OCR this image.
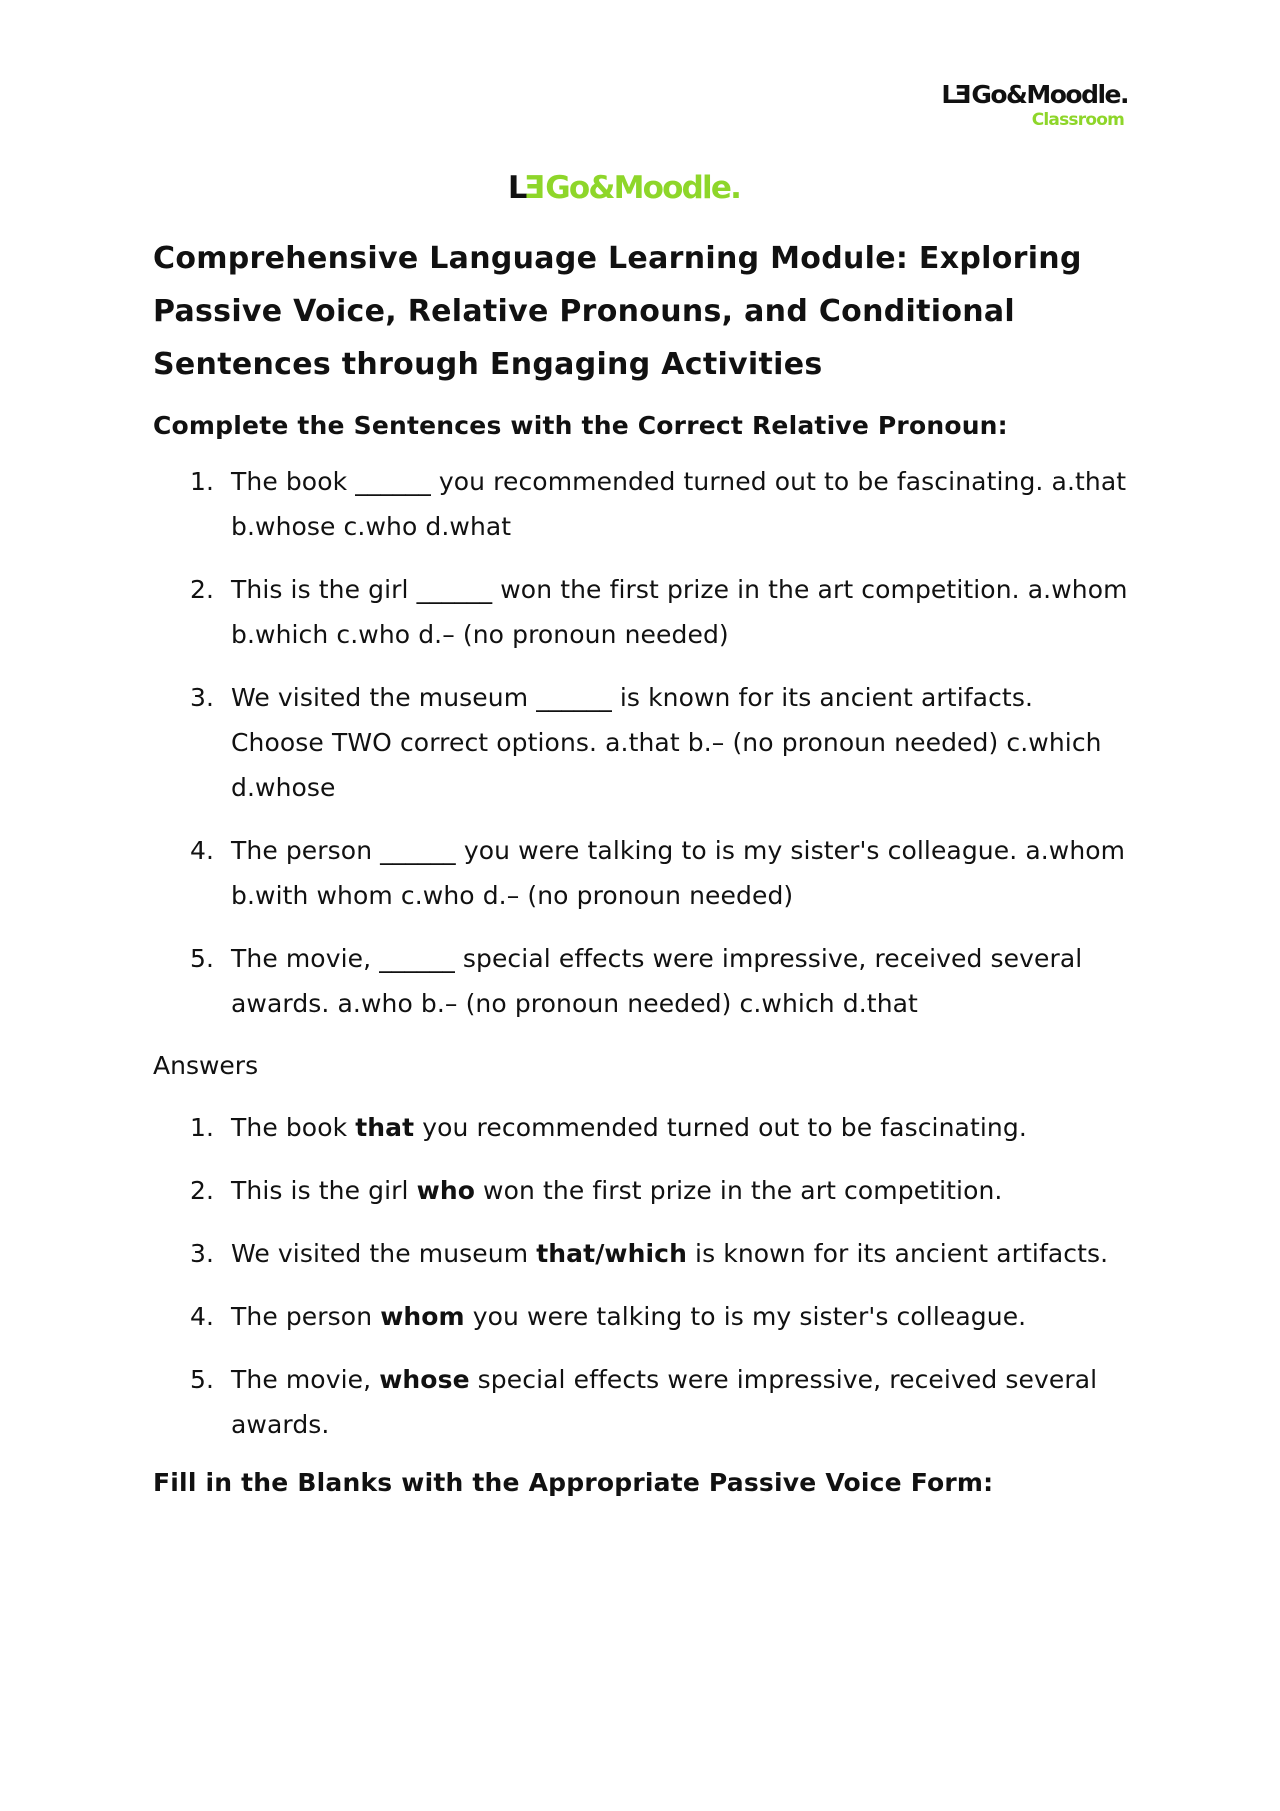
LEGo&Moodle.
Classroom
LEGo&Moodle.
Comprehensive Language Learning Module: Exploring Passive Voice, Relative Pronouns, and Conditional Sentences through Engaging Activities
Complete the Sentences with the Correct Relative Pronoun:
1. The book ______ you recommended turned out to be fascinating. a.that b.whose c.who d.what
2. This is the girl ______ won the first prize in the art competition. a.whom b.which c.who d.– (no pronoun needed)
3. We visited the museum ______ is known for its ancient artifacts. Choose TWO correct options. a.that b.– (no pronoun needed) c.which d.whose
4. The person ______ you were talking to is my sister's colleague. a.whom b.with whom c.who d.– (no pronoun needed)
5. The movie, ______ special effects were impressive, received several awards. a.who b.– (no pronoun needed) c.which d.that
Answers
1. The book that you recommended turned out to be fascinating.
2. This is the girl who won the first prize in the art competition.
3. We visited the museum that/which is known for its ancient artifacts.
4. The person whom you were talking to is my sister's colleague.
5. The movie, whose special effects were impressive, received several awards.
Fill in the Blanks with the Appropriate Passive Voice Form:
